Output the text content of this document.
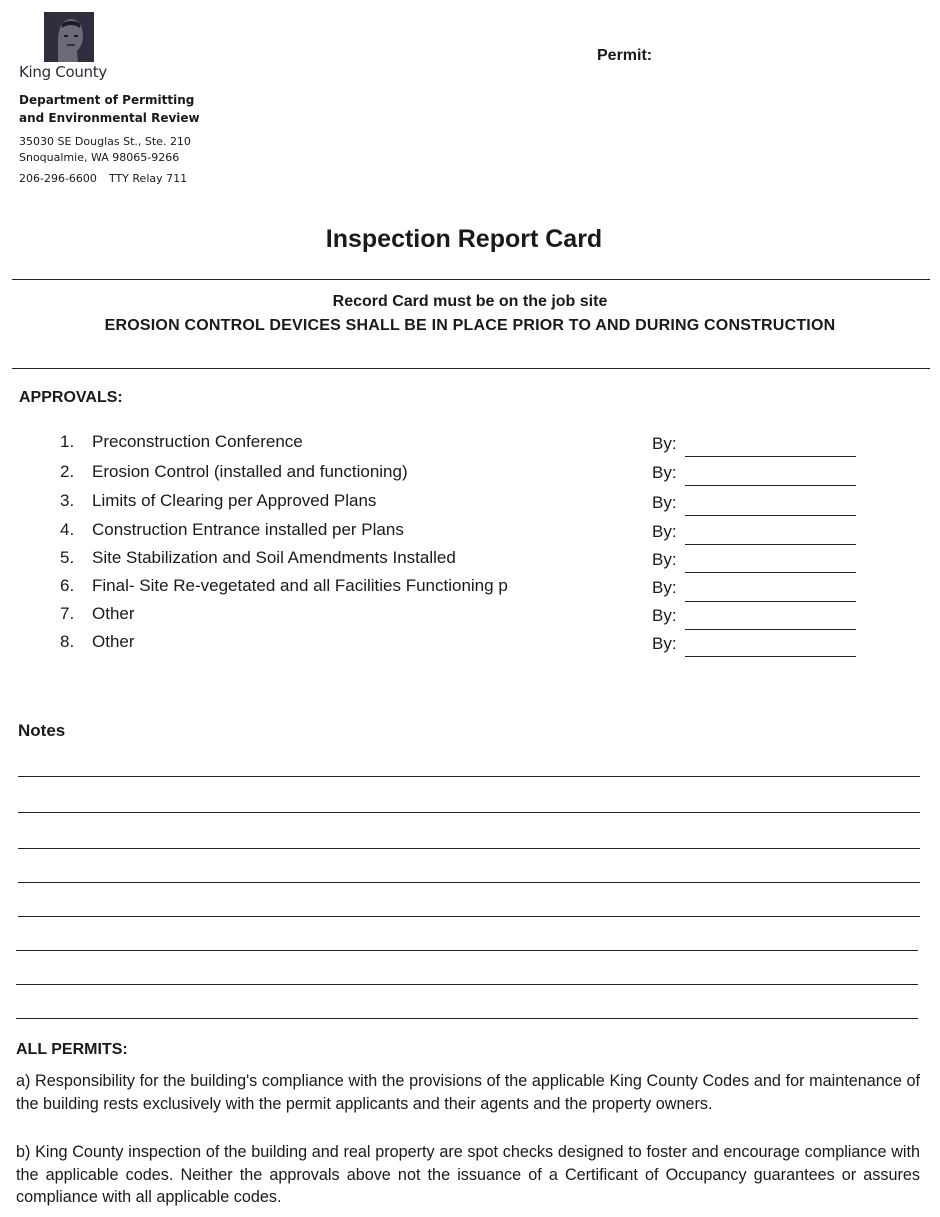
King County
Department of Permitting
and Environmental Review
35030 SE Douglas St., Ste. 210
Snoqualmie, WA 98065-9266
206-296-6600 TTY Relay 711
Permit:
Inspection Report Card
Record Card must be on the job site
EROSION CONTROL DEVICES SHALL BE IN PLACE PRIOR TO AND DURING CONSTRUCTION
APPROVALS:
1. Preconstruction Conference
2. Erosion Control (installed and functioning)
3. Limits of Clearing per Approved Plans
4. Construction Entrance installed per Plans
5. Site Stabilization and Soil Amendments Installed
6. Final- Site Re-vegetated and all Facilities Functioning p
7. Other
8. Other
By:
By:
By:
By:
By:
By:
By:
By:
Notes
ALL PERMITS:
a) Responsibility for the building's compliance with the provisions of the applicable King County Codes and for maintenance of the building rests exclusively with the permit applicants and their agents and the property owners.
b) King County inspection of the building and real property are spot checks designed to foster and encourage compliance with the applicable codes. Neither the approvals above not the issuance of a Certificant of Occupancy guarantees or assures compliance with all applicable codes.
